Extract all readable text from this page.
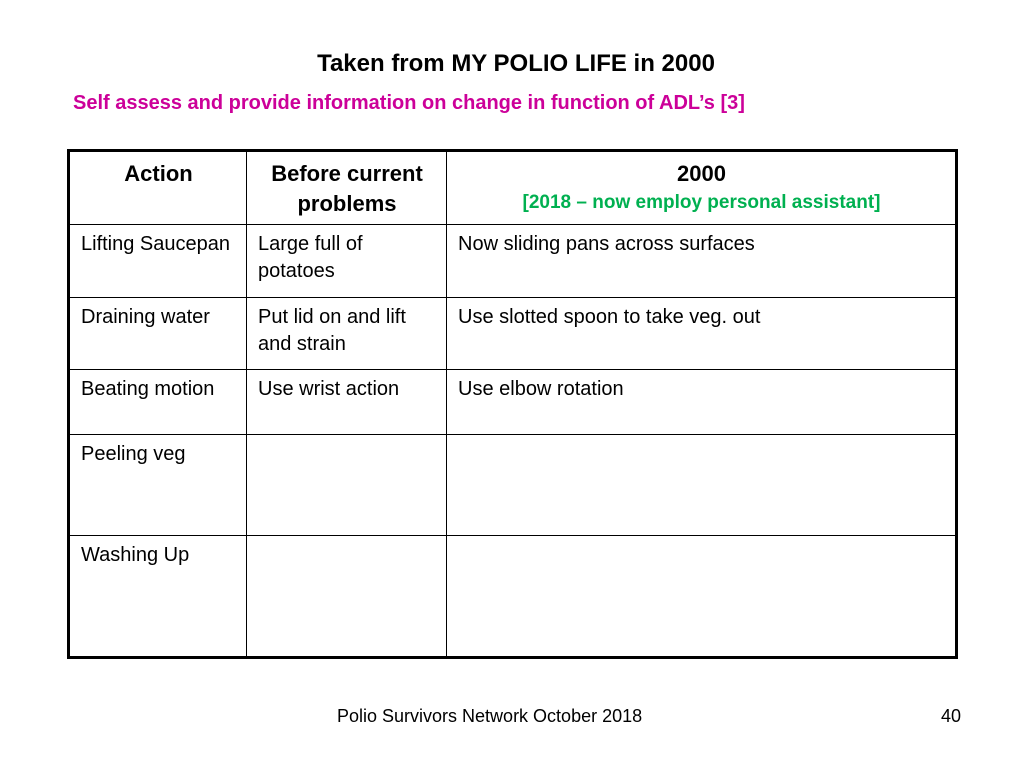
Taken from MY POLIO LIFE in 2000
Self assess and provide information on change in function of ADL’s [3]
Action	Before current problems	2000
[2018 – now employ personal assistant]

Lifting Saucepan	Large full of potatoes	Now sliding pans across surfaces
Draining water	Put lid on and lift and strain	Use slotted spoon to take veg. out
Beating motion	Use wrist action	Use elbow rotation
Peeling veg		
Washing Up		
Polio Survivors Network October 2018	40
